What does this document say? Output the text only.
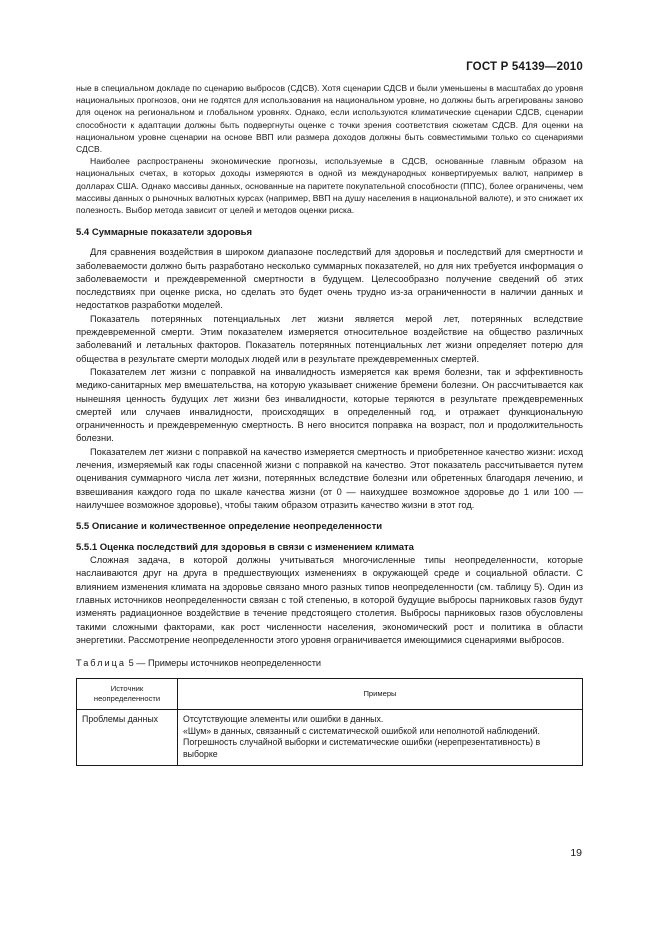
ГОСТ Р 54139—2010

ные в специальном докладе по сценарию выбросов (СДСВ). Хотя сценарии СДСВ и были уменьшены в масштабах до уровня национальных прогнозов, они не годятся для использования на национальном уровне, но должны быть агрегированы заново для оценок на региональном и глобальном уровнях. Однако, если используются климатические сценарии СДСВ, сценарии способности к адаптации должны быть подвергнуты оценке с точки зрения соответствия сюжетам СДСВ. Для оценки на национальном уровне сценарии на основе ВВП или размера доходов должны быть совместимыми только со сценариями СДСВ.

Наиболее распространены экономические прогнозы, используемые в СДСВ, основанные главным образом на национальных счетах, в которых доходы измеряются в одной из международных конвертируемых валют, например в долларах США. Однако массивы данных, основанные на паритете покупательной способности (ППС), более ограничены, чем массивы данных о рыночных валютных курсах (например, ВВП на душу населения в национальной валюте), и это снижает их полезность. Выбор метода зависит от целей и методов оценки риска.

5.4 Суммарные показатели здоровья

Для сравнения воздействия в широком диапазоне последствий для здоровья и последствий для смертности и заболеваемости должно быть разработано несколько суммарных показателей, но для них требуется информация о заболеваемости и преждевременной смертности в будущем. Целесообразно получение сведений об этих последствиях при оценке риска, но сделать это будет очень трудно из-за ограниченности в наличии данных и недостатков разработки моделей.

Показатель потерянных потенциальных лет жизни является мерой лет, потерянных вследствие преждевременной смерти. Этим показателем измеряется относительное воздействие на общество различных заболеваний и летальных факторов. Показатель потерянных потенциальных лет жизни определяет потерю для общества в результате смерти молодых людей или в результате преждевременных смертей.

Показателем лет жизни с поправкой на инвалидность измеряется как время болезни, так и эффективность медико-санитарных мер вмешательства, на которую указывает снижение бремени болезни. Он рассчитывается как нынешняя ценность будущих лет жизни без инвалидности, которые теряются в результате преждевременных смертей или случаев инвалидности, происходящих в определенный год, и отражает функциональную ограниченность и преждевременную смертность. В него вносится поправка на возраст, пол и продолжительность болезни.

Показателем лет жизни с поправкой на качество измеряется смертность и приобретенное качество жизни: исход лечения, измеряемый как годы спасенной жизни с поправкой на качество. Этот показатель рассчитывается путем оценивания суммарного числа лет жизни, потерянных вследствие болезни или обретенных благодаря лечению, и взвешивания каждого года по шкале качества жизни (от 0 — наихудшее возможное здоровье до 1 или 100 — наилучшее возможное здоровье), чтобы таким образом отразить качество жизни в этот год.

5.5 Описание и количественное определение неопределенности
5.5.1 Оценка последствий для здоровья в связи с изменением климата

Сложная задача, в которой должны учитываться многочисленные типы неопределенности, которые наслаиваются друг на друга в предшествующих изменениях в окружающей среде и социальной области. С влиянием изменения климата на здоровье связано много разных типов неопределенности (см. таблицу 5). Один из главных источников неопределенности связан с той степенью, в которой будущие выбросы парниковых газов будут изменять радиационное воздействие в течение предстоящего столетия. Выбросы парниковых газов обусловлены такими сложными факторами, как рост численности населения, экономический рост и политика в области энергетики. Рассмотрение неопределенности этого уровня ограничивается имеющимися сценариями выбросов.

Таблица 5 — Примеры источников неопределенности
Источник
неопределенности	Примеры
Проблемы данных	Отсутствующие элементы или ошибки в данных.
«Шум» в данных, связанный с систематической ошибкой или неполнотой наблюдений.
Погрешность случайной выборки и систематические ошибки (нерепрезентативность) в выборке
19
